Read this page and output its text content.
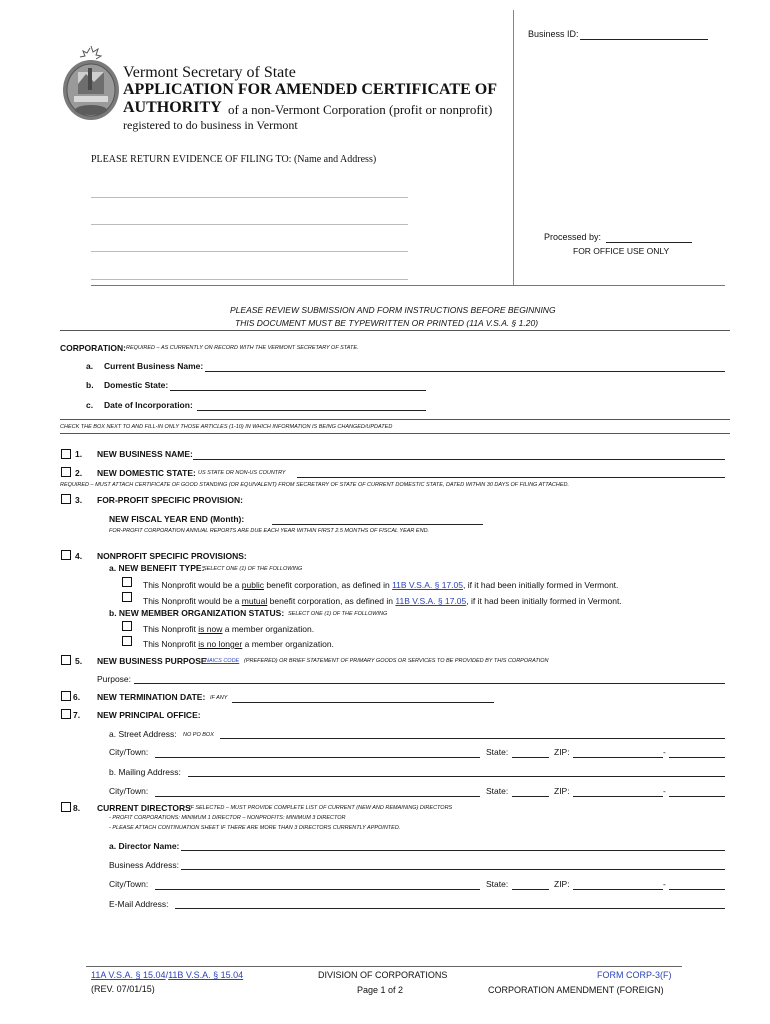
Business ID:
Vermont Secretary of State
APPLICATION FOR AMENDED CERTIFICATE OF
AUTHORITY of a non-Vermont Corporation (profit or nonprofit)
registered to do business in Vermont
PLEASE RETURN EVIDENCE OF FILING TO: (Name and Address)
Processed by:
FOR OFFICE USE ONLY
PLEASE REVIEW SUBMISSION AND FORM INSTRUCTIONS BEFORE BEGINNING
THIS DOCUMENT MUST BE TYPEWRITTEN OR PRINTED (11A V.S.A. § 1.20)
CORPORATION: REQUIRED – AS CURRENTLY ON RECORD WITH THE VERMONT SECRETARY OF STATE.
a. Current Business Name:
b. Domestic State:
c. Date of Incorporation:
CHECK THE BOX NEXT TO AND FILL-IN ONLY THOSE ARTICLES (1-10) IN WHICH INFORMATION IS BEING CHANGED/UPDATED
1. NEW BUSINESS NAME:
2. NEW DOMESTIC STATE: US STATE OR NON-US COUNTRY
REQUIRED – MUST ATTACH CERTIFICATE OF GOOD STANDING (OR EQUIVALENT) FROM SECRETARY OF STATE OF CURRENT DOMESTIC STATE, DATED WITHIN 30 DAYS OF FILING ATTACHED.
3. FOR-PROFIT SPECIFIC PROVISION:
NEW FISCAL YEAR END (Month):
FOR-PROFIT CORPORATION ANNUAL REPORTS ARE DUE EACH YEAR WITHIN FIRST 2.5 MONTHS OF FISCAL YEAR END.
4. NONPROFIT SPECIFIC PROVISIONS:
a. NEW BENEFIT TYPE:
SELECT ONE (1) OF THE FOLLOWING
This Nonprofit would be a public benefit corporation, as defined in 11B V.S.A. § 17.05, if it had been initially formed in Vermont.
This Nonprofit would be a mutual benefit corporation, as defined in 11B V.S.A. § 17.05, if it had been initially formed in Vermont.
b. NEW MEMBER ORGANIZATION STATUS: SELECT ONE (1) OF THE FOLLOWING
This Nonprofit is now a member organization.
This Nonprofit is no longer a member organization.
5. NEW BUSINESS PURPOSE
NAICS CODE (PREFERED) OR BRIEF STATEMENT OF PRIMARY GOODS OR SERVICES TO BE PROVIDED BY THIS CORPORATION
Purpose:
6. NEW TERMINATION DATE: IF ANY
7. NEW PRINCIPAL OFFICE:
a. Street Address: NO PO BOX
City/Town:	State:	ZIP:	-
b. Mailing Address:
City/Town:	State:	ZIP:	-
8. CURRENT DIRECTORS
IF SELECTED – MUST PROVIDE COMPLETE LIST OF CURRENT (NEW AND REMAINING) DIRECTORS
- PROFIT CORPORATIONS: MINIMUM 1 DIRECTOR – NONPROFITS: MINIMUM 3 DIRECTOR
- PLEASE ATTACH CONTINUATION SHEET IF THERE ARE MORE THAN 3 DIRECTORS CURRENTLY APPOINTED.
a. Director Name:
Business Address:
City/Town:	State:	ZIP:	-
E-Mail Address:
11A V.S.A. § 15.04/11B V.S.A. § 15.04
(REV. 07/01/15)
DIVISION OF CORPORATIONS
Page 1 of 2
FORM CORP-3(F)
CORPORATION AMENDMENT (FOREIGN)
